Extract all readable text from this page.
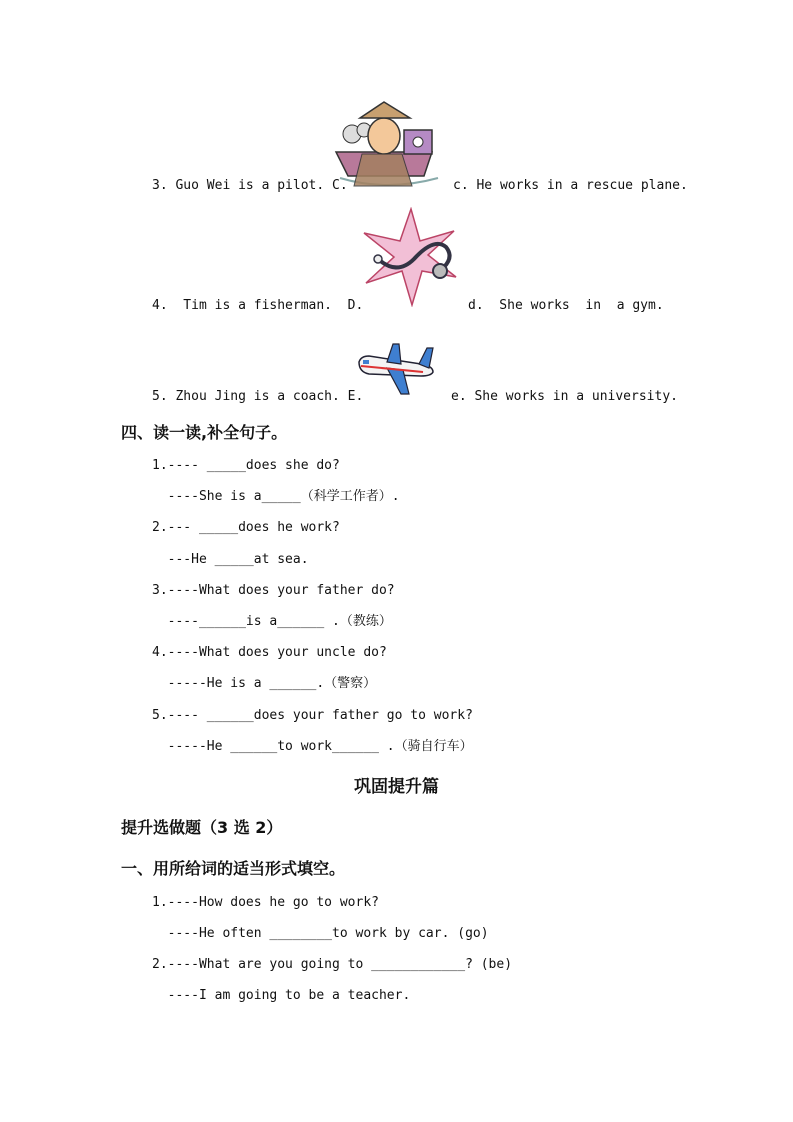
3. Guo Wei is a pilot. C.	c. He works in a rescue plane.
4.  Tim is a fisherman.  D.	d.  She works  in  a gym.
5. Zhou Jing is a coach. E.	e. She works in a university.
四、读一读,补全句子。
1.---- _____does she do?
----She is a_____（科学工作者）.
2.--- _____does he work?
---He _____at sea.
3.----What does your father do?
----______is a______ .（教练）
4.----What does your uncle do?
-----He is a ______.（警察）
5.---- ______does your father go to work?
-----He ______to work______ .（骑自行车）
巩固提升篇
提升选做题（3 选 2）
一、用所给词的适当形式填空。
1.----How does he go to work?
----He often ________to work by car. (go)
2.----What are you going to ____________? (be)
----I am going to be a teacher.
